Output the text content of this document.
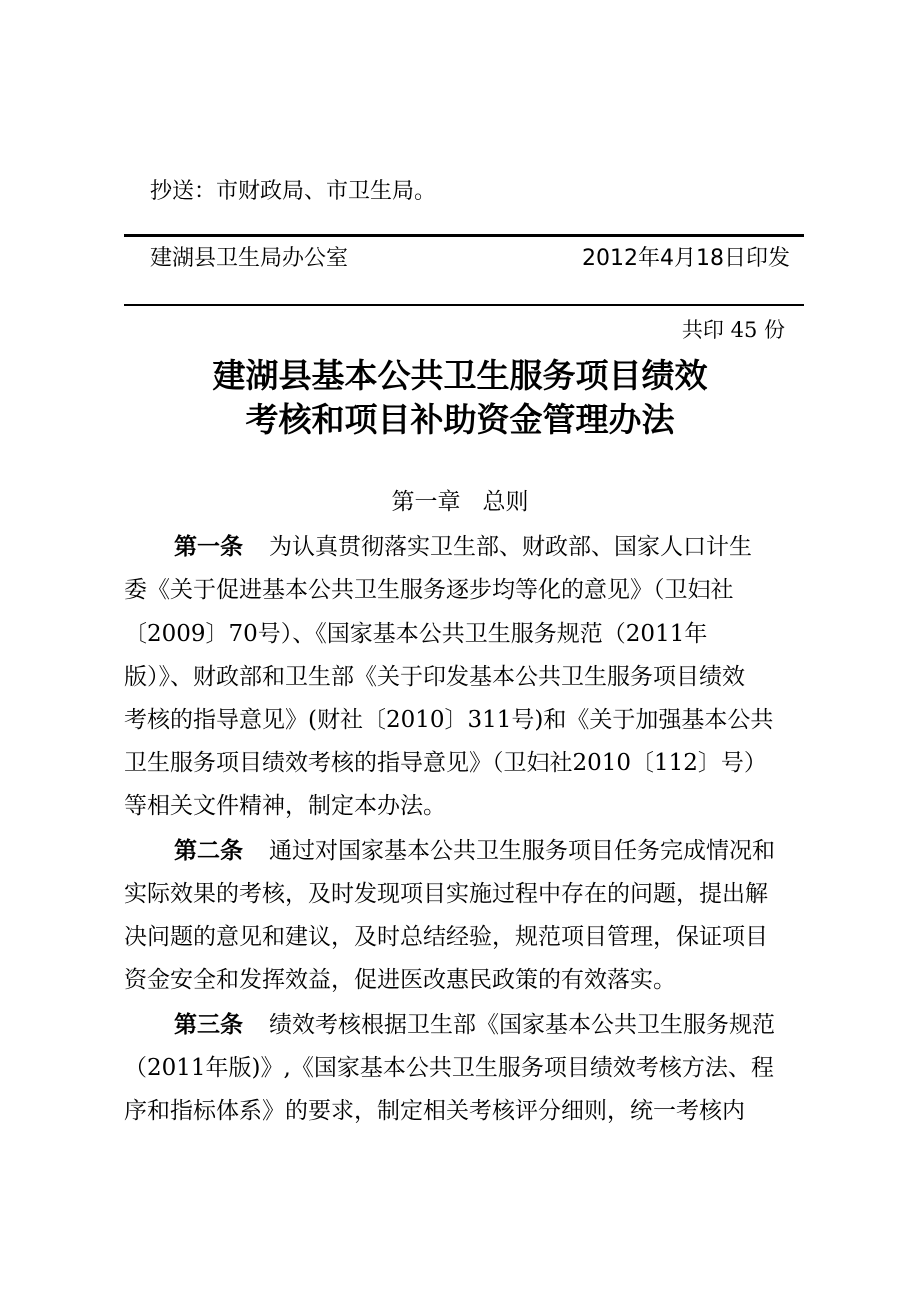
抄送：市财政局、市卫生局。
建湖县卫生局办公室	2012年4月18日印发
共印 45 份
建湖县基本公共卫生服务项目绩效
考核和项目补助资金管理办法
第一章   总则
第一条 为认真贯彻落实卫生部、财政部、国家人口计生
委《关于促进基本公共卫生服务逐步均等化的意见》（卫妇社
〔2009〕70号）、《国家基本公共卫生服务规范（2011年
版）》、财政部和卫生部《关于印发基本公共卫生服务项目绩效
考核的指导意见》(财社〔2010〕311号)和《关于加强基本公共
卫生服务项目绩效考核的指导意见》（卫妇社2010〔112〕号）
等相关文件精神，制定本办法。
第二条 通过对国家基本公共卫生服务项目任务完成情况和
实际效果的考核，及时发现项目实施过程中存在的问题，提出解
决问题的意见和建议，及时总结经验，规范项目管理，保证项目
资金安全和发挥效益，促进医改惠民政策的有效落实。
第三条 绩效考核根据卫生部《国家基本公共卫生服务规范
（2011年版)》,《国家基本公共卫生服务项目绩效考核方法、程
序和指标体系》的要求，制定相关考核评分细则，统一考核内
